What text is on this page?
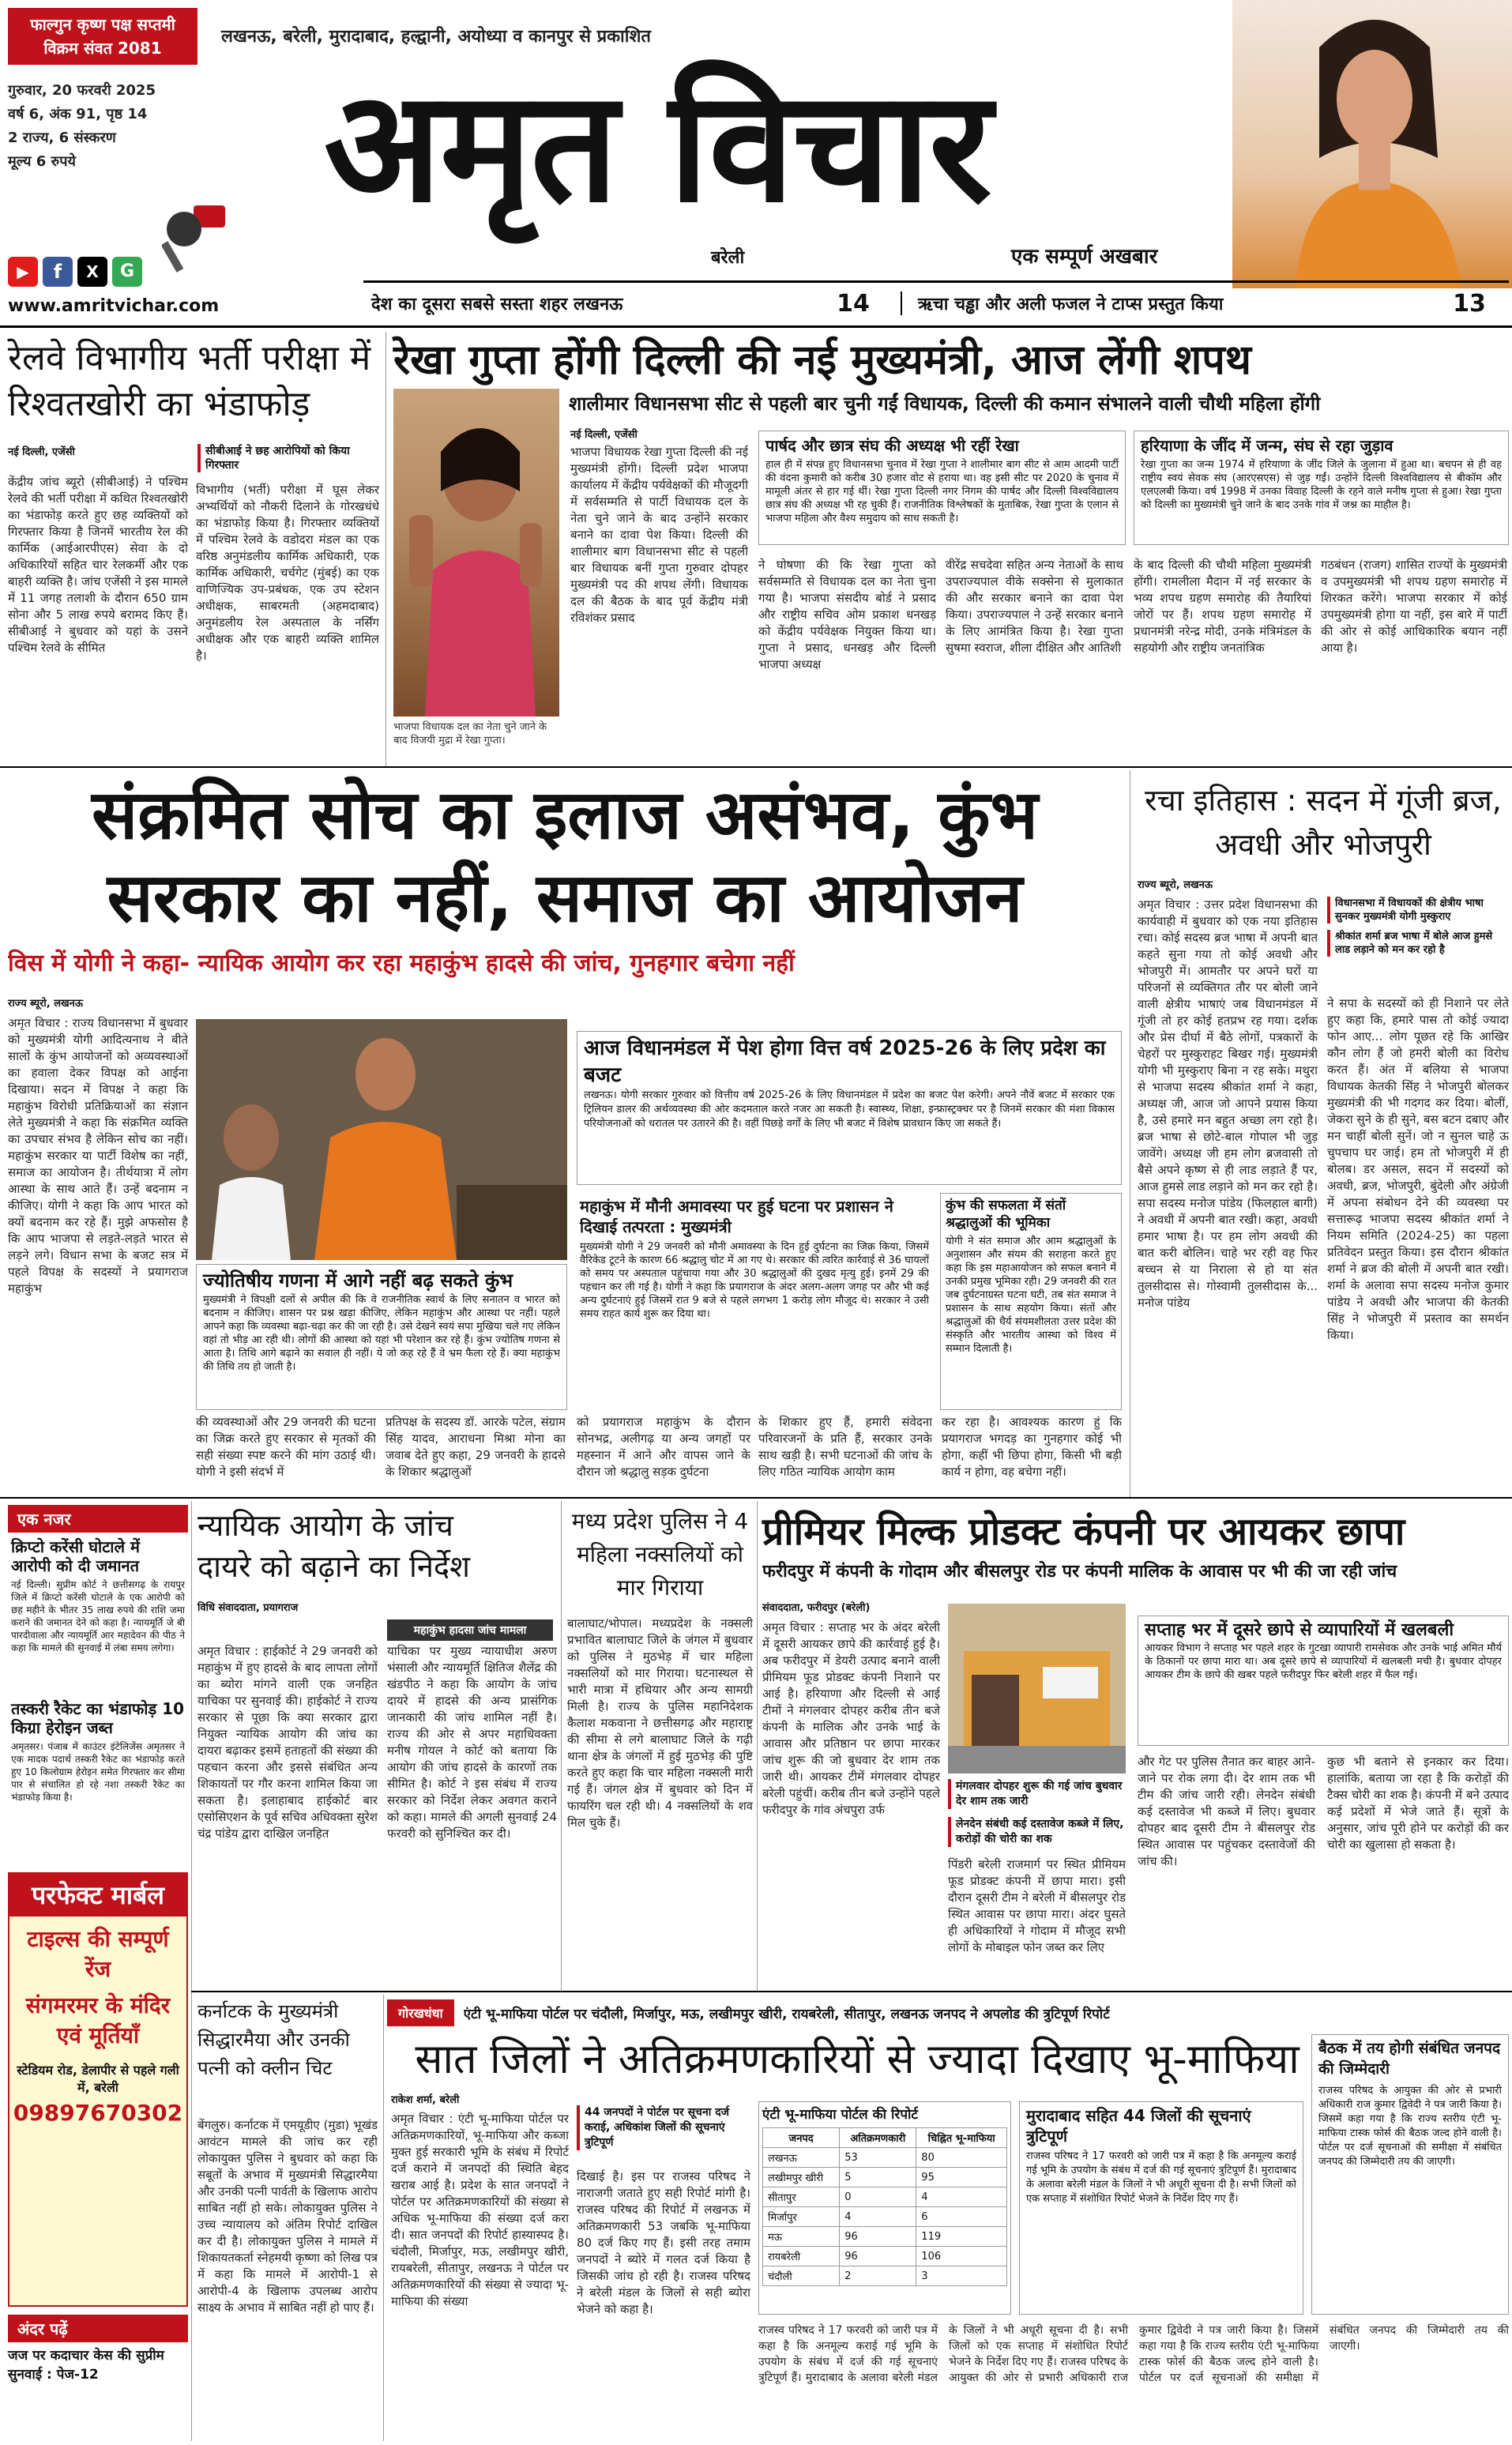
फाल्गुन कृष्ण पक्ष सप्तमी
विक्रम संवत 2081
लखनऊ, बरेली, मुरादाबाद, हल्द्वानी, अयोध्या व कानपुर से प्रकाशित
गुरुवार, 20 फरवरी 2025
वर्ष 6, अंक 91, पृष्ठ 14
2 राज्य, 6 संस्करण
मूल्य 6 रुपये
▶	f	X	G
www.amritvichar.com
अमृत विचार
बरेली	एक सम्पूर्ण अखबार
देश का दूसरा सबसे सस्ता शहर लखनऊ	14	ऋचा चड्ढा और अली फजल ने टाप्स प्रस्तुत किया	13
रेलवे विभागीय भर्ती परीक्षा में रिश्वतखोरी का भंडाफोड़
नई दिल्ली, एजेंसी	सीबीआई ने छह आरोपियों को किया गिरफ्तार
केंद्रीय जांच ब्यूरो (सीबीआई) ने पश्चिम रेलवे की भर्ती परीक्षा में कथित रिश्वतखोरी का भंडाफोड़ करते हुए छह व्यक्तियों को गिरफ्तार किया है जिनमें भारतीय रेल की कार्मिक (आईआरपीएस) सेवा के दो अधिकारियों सहित चार रेलकर्मी और एक बाहरी व्यक्ति है। जांच एजेंसी ने इस मामले में 11 जगह तलाशी के दौरान 650 ग्राम सोना और 5 लाख रुपये बरामद किए हैं। सीबीआई ने बुधवार को यहां के उसने पश्चिम रेलवे के सीमित
विभागीय (भर्ती) परीक्षा में घूस लेकर अभ्यर्थियों को नौकरी दिलाने के गोरखधंधे का भंडाफोड़ किया है। गिरफ्तार व्यक्तियों में पश्चिम रेलवे के वडोदरा मंडल का एक वरिष्ठ अनुमंडलीय कार्मिक अधिकारी, एक कार्मिक अधिकारी, चर्चगेट (मुंबई) का एक वाणिज्यिक उप-प्रबंधक, एक उप स्टेशन अधीक्षक, साबरमती (अहमदाबाद) अनुमंडलीय रेल अस्पताल के नर्सिंग अधीक्षक और एक बाहरी व्यक्ति शामिल है।
रेखा गुप्ता होंगी दिल्ली की नई मुख्यमंत्री, आज लेंगी शपथ
शालीमार विधानसभा सीट से पहली बार चुनी गईं विधायक, दिल्ली की कमान संभालने वाली चौथी महिला होंगी
भाजपा विधायक दल का नेता चुने जाने के बाद विजयी मुद्रा में रेखा गुप्ता।
नई दिल्ली, एजेंसी
भाजपा विधायक रेखा गुप्ता दिल्ली की नई मुख्यमंत्री होंगी। दिल्ली प्रदेश भाजपा कार्यालय में केंद्रीय पर्यवेक्षकों की मौजूदगी में सर्वसम्मति से पार्टी विधायक दल के नेता चुने जाने के बाद उन्होंने सरकार बनाने का दावा पेश किया। दिल्ली की शालीमार बाग विधानसभा सीट से पहली बार विधायक बनीं गुप्ता गुरुवार दोपहर मुख्यमंत्री पद की शपथ लेंगी। विधायक दल की बैठक के बाद पूर्व केंद्रीय मंत्री रविशंकर प्रसाद
पार्षद और छात्र संघ की अध्यक्ष भी रहीं रेखा
हाल ही में संपन्न हुए विधानसभा चुनाव में रेखा गुप्ता ने शालीमार बाग सीट से आम आदमी पार्टी की वंदना कुमारी को करीब 30 हजार वोट से हराया था। वह इसी सीट पर 2020 के चुनाव में मामूली अंतर से हार गई थीं। रेखा गुप्ता दिल्ली नगर निगम की पार्षद और दिल्ली विश्वविद्यालय छात्र संघ की अध्यक्ष भी रह चुकी हैं। राजनीतिक विश्लेषकों के मुताबिक, रेखा गुप्ता के एलान से भाजपा महिला और वैश्य समुदाय को साध सकती है।
हरियाणा के जींद में जन्म, संघ से रहा जुड़ाव
रेखा गुप्ता का जन्म 1974 में हरियाणा के जींद जिले के जुलाना में हुआ था। बचपन से ही वह राष्ट्रीय स्वयं सेवक संघ (आरएसएस) से जुड़ गईं। उन्होंने दिल्ली विश्वविद्यालय से बीकॉम और एलएलबी किया। वर्ष 1998 में उनका विवाह दिल्ली के रहने वाले मनीष गुप्ता से हुआ। रेखा गुप्ता को दिल्ली का मुख्यमंत्री चुने जाने के बाद उनके गांव में जश्न का माहौल है।
ने घोषणा की कि रेखा गुप्ता को सर्वसम्मति से विधायक दल का नेता चुना गया है। भाजपा संसदीय बोर्ड ने प्रसाद और राष्ट्रीय सचिव ओम प्रकाश धनखड़ को केंद्रीय पर्यवेक्षक नियुक्त किया था। गुप्ता ने प्रसाद, धनखड़ और दिल्ली भाजपा अध्यक्ष
वीरेंद्र सचदेवा सहित अन्य नेताओं के साथ उपराज्यपाल वीके सक्सेना से मुलाकात की और सरकार बनाने का दावा पेश किया। उपराज्यपाल ने उन्हें सरकार बनाने के लिए आमंत्रित किया है। रेखा गुप्ता सुषमा स्वराज, शीला दीक्षित और आतिशी
के बाद दिल्ली की चौथी महिला मुख्यमंत्री होंगी। रामलीला मैदान में नई सरकार के भव्य शपथ ग्रहण समारोह की तैयारियां जोरों पर हैं। शपथ ग्रहण समारोह में प्रधानमंत्री नरेन्द्र मोदी, उनके मंत्रिमंडल के सहयोगी और राष्ट्रीय जनतांत्रिक
गठबंधन (राजग) शासित राज्यों के मुख्यमंत्री व उपमुख्यमंत्री भी शपथ ग्रहण समारोह में शिरकत करेंगे। भाजपा सरकार में कोई उपमुख्यमंत्री होगा या नहीं, इस बारे में पार्टी की ओर से कोई आधिकारिक बयान नहीं आया है।
संक्रमित सोच का इलाज असंभव, कुंभ सरकार का नहीं, समाज का आयोजन
विस में योगी ने कहा- न्यायिक आयोग कर रहा महाकुंभ हादसे की जांच, गुनहगार बचेगा नहीं
राज्य ब्यूरो, लखनऊ
अमृत विचार : राज्य विधानसभा में बुधवार को मुख्यमंत्री योगी आदित्यनाथ ने बीते सालों के कुंभ आयोजनों को अव्यवस्थाओं का हवाला देकर विपक्ष को आईना दिखाया। सदन में विपक्ष ने कहा कि महाकुंभ विरोधी प्रतिक्रियाओं का संज्ञान लेते मुख्यमंत्री ने कहा कि संक्रमित व्यक्ति का उपचार संभव है लेकिन सोच का नहीं। महाकुंभ सरकार या पार्टी विशेष का नहीं, समाज का आयोजन है। तीर्थयात्रा में लोग आस्था के साथ आते हैं। उन्हें बदनाम न कीजिए। योगी ने कहा कि आप भारत को क्यों बदनाम कर रहे हैं। मुझे अफसोस है कि आप भाजपा से लड़ते-लड़ते भारत से लड़ने लगे। विधान सभा के बजट सत्र में पहले विपक्ष के सदस्यों ने प्रयागराज महाकुंभ	ज्योतिषीय गणना में आगे नहीं बढ़ सकते कुंभ
मुख्यमंत्री ने विपक्षी दलों से अपील की कि वे राजनीतिक स्वार्थ के लिए सनातन व भारत को बदनाम न कीजिए। शासन पर प्रश्न खड़ा कीजिए, लेकिन महाकुंभ और आस्था पर नहीं। पहले आपने कहा कि व्यवस्था बढ़ा-चढ़ा कर की जा रही है। उसे देखने स्वयं सपा मुखिया चले गए लेकिन वहां तो भीड़ आ रही थी। लोगों की आस्था को यहां भी परेशान कर रहे हैं। कुंभ ज्योतिष गणना से आता है। तिथि आगे बढ़ाने का सवाल ही नहीं। ये जो कह रहे हैं वे भ्रम फैला रहे हैं। क्या महाकुंभ की तिथि तय हो जाती है।
आज विधानमंडल में पेश होगा वित्त वर्ष 2025-26 के लिए प्रदेश का बजट
लखनऊ। योगी सरकार गुरुवार को वित्तीय वर्ष 2025-26 के लिए विधानमंडल में प्रदेश का बजट पेश करेगी। अपने नौवें बजट में सरकार एक ट्रिलियन डालर की अर्थव्यवस्था की ओर कदमताल करते नजर आ सकती है। स्वास्थ्य, शिक्षा, इन्फ्रास्ट्रक्चर पर है जिनमें सरकार की मंशा विकास परियोजनाओं को धरातल पर उतारने की है। वहीं पिछड़े वर्गों के लिए भी बजट में विशेष प्रावधान किए जा सकते हैं।
महाकुंभ में मौनी अमावस्या पर हुई घटना पर प्रशासन ने दिखाई तत्परता : मुख्यमंत्री
मुख्यमंत्री योगी ने 29 जनवरी को मौनी अमावस्या के दिन हुई दुर्घटना का जिक्र किया, जिसमें वैरिकेड टूटने के कारण 66 श्रद्धालु चोट में आ गए थे। सरकार की त्वरित कार्रवाई से 36 घायलों को समय पर अस्पताल पहुंचाया गया और 30 श्रद्धालुओं की दुखद मृत्यु हुई। इनमें 29 की पहचान कर ली गई है। योगी ने कहा कि प्रयागराज के अंदर अलग-अलग जगह पर और भी कई अन्य दुर्घटनाएं हुई जिसमें रात 9 बजे से पहले लगभग 1 करोड़ लोग मौजूद थे। सरकार ने उसी समय राहत कार्य शुरू कर दिया था।
कुंभ की सफलता में संतों श्रद्धालुओं की भूमिका
योगी ने संत समाज और आम श्रद्धालुओं के अनुशासन और संयम की सराहना करते हुए कहा कि इस महाआयोजन को सफल बनाने में उनकी प्रमुख भूमिका रही। 29 जनवरी की रात जब दुर्घटनाग्रस्त घटना घटी, तब संत समाज ने प्रशासन के साथ सहयोग किया। संतों और श्रद्धालुओं की धैर्य संयमशीलता उत्तर प्रदेश की संस्कृति और भारतीय आस्था को विश्व में सम्मान दिलाती है।
की व्यवस्थाओं और 29 जनवरी की घटना का जिक्र करते हुए सरकार से मृतकों की सही संख्या स्पष्ट करने की मांग उठाई थी। योगी ने इसी संदर्भ में
प्रतिपक्ष के सदस्य डॉ. आरके पटेल, संग्राम सिंह यादव, आराधना मिश्रा मोना का जवाब देते हुए कहा, 29 जनवरी के हादसे के शिकार श्रद्धालुओं
को प्रयागराज महाकुंभ के दौरान सोनभद्र, अलीगढ़ या अन्य जगहों पर महस्नान में आने और वापस जाने के दौरान जो श्रद्धालु सड़क दुर्घटना
के शिकार हुए हैं, हमारी संवेदना परिवारजनों के प्रति हैं, सरकार उनके साथ खड़ी है। सभी घटनाओं की जांच के लिए गठित न्यायिक आयोग काम
कर रहा है। आवश्यक कारण हुं कि प्रयागराज भगदड़ का गुनहगार कोई भी होगा, कहीं भी छिपा होगा, किसी भी बड़ी कार्य न होगा, वह बचेगा नहीं।
रचा इतिहास : सदन में गूंजी ब्रज, अवधी और भोजपुरी
राज्य ब्यूरो, लखनऊ
विधानसभा में विधायकों की क्षेत्रीय भाषा सुनकर मुख्यमंत्री योगी मुस्कुराए
श्रीकांत शर्मा ब्रज भाषा में बोले आज हुमसे लाड लड़ाने को मन कर रहो है
अमृत विचार : उत्तर प्रदेश विधानसभा की कार्यवाही में बुधवार को एक नया इतिहास रचा। कोई सदस्य ब्रज भाषा में अपनी बात कहते सुना गया तो कोई अवधी और भोजपुरी में। आमतौर पर अपने घरों या परिजनों से व्यक्तिगत तौर पर बोली जाने वाली क्षेत्रीय भाषाएं जब विधानमंडल में गूंजी तो हर कोई हतप्रभ रह गया। दर्शक और प्रेस दीर्घा में बैठे लोगों, पत्रकारों के चेहरों पर मुस्कुराहट बिखर गई। मुख्यमंत्री योगी भी मुस्कुराए बिना न रह सके। मथुरा से भाजपा सदस्य श्रीकांत शर्मा ने कहा, अध्यक्ष जी, आज जो आपने प्रयास किया है, उसे हमारे मन बहुत अच्छा लग रहो है। ब्रज भाषा से छोटे-बाल गोपाल भी जुड़ जावेंगे। अध्यक्ष जी हम लोग ब्रजवासी तो बैसे अपने कृष्ण से ही लाड लड़ाते हैं पर, आज हुमसे लाड लड़ाने को मन कर रहो है। सपा सदस्य मनोज पांडेय (फिलहाल बागी) ने अवधी में अपनी बात रखी। कहा, अवधी हमार भाषा है। पर हम लोग अवधी की बात करी बोलिन। चाहे भर रही वह फिर बच्चन से या निराला से हो या संत तुलसीदास से। गोस्वामी तुलसीदास के... मनोज पांडेय
ने सपा के सदस्यों को ही निशाने पर लेते हुए कहा कि, हमारे पास तो कोई ज्यादा फोन आए... लोग पूछत रहे कि आखिर कौन लोग हैं जो हमरी बोली का विरोध करत हैं। अंत में बलिया से भाजपा विधायक केतकी सिंह ने भोजपुरी बोलकर मुख्यमंत्री की भी गदगद कर दिया। बोलीं, जेकरा सुने के ही सुने, बस बटन दबाए और मन चाहीं बोली सुनें। जो न सुनल चाहे ऊ चुपचाप घर जाई। हम तो भोजपुरी में ही बोलब। डर असल, सदन में सदस्यों को अवधी, ब्रज, भोजपुरी, बुंदेली और अंग्रेजी में अपना संबोधन देने की व्यवस्था पर सत्तारूढ़ भाजपा सदस्य श्रीकांत शर्मा ने नियम समिति (2024-25) का पहला प्रतिवेदन प्रस्तुत किया। इस दौरान श्रीकांत शर्मा ने ब्रज की बोली में अपनी बात रखी। शर्मा के अलावा सपा सदस्य मनोज कुमार पांडेय ने अवधी और भाजपा की केतकी सिंह ने भोजपुरी में प्रस्ताव का समर्थन किया।
एक नजर
क्रिप्टो करेंसी घोटाले में आरोपी को दी जमानत
नई दिल्ली। सुप्रीम कोर्ट ने छत्तीसगढ़ के रायपुर जिले में क्रिप्टो करेंसी घोटाले के एक आरोपी को छह महीने के भीतर 35 लाख रुपये की राशि जमा कराने की जमानत देने को कहा है। न्यायमूर्ति जे बी पारदीवाला और न्यायमूर्ति आर महादेवन की पीठ ने कहा कि मामले की सुनवाई में लंबा समय लगेगा।
तस्करी रैकेट का भंडाफोड़ 10 किग्रा हेरोइन जब्त
अमृतसर। पंजाब में काउंटर इंटेलिजेंस अमृतसर ने एक मादक पदार्थ तस्करी रैकेट का भंडाफोड़ करते हुए 10 किलोग्राम हेरोइन समेत गिरफ्तार कर सीमा पार से संचालित हो रहे नशा तस्करी रैकेट का भंडाफोड़ किया है।
परफेक्ट मार्बल
टाइल्स की सम्पूर्ण रेंज
संगमरमर के मंदिर एवं मूर्तियाँ
स्टेडियम रोड, डेलापीर से पहले गली में, बरेली
09897670302
अंदर पढ़ें
जज पर कदाचार केस की सुप्रीम सुनवाई : पेज-12
न्यायिक आयोग के जांच दायरे को बढ़ाने का निर्देश
विधि संवाददाता, प्रयागराज
महाकुंभ हादसा जांच मामला
अमृत विचार : हाईकोर्ट ने 29 जनवरी को महाकुंभ में हुए हादसे के बाद लापता लोगों का ब्योरा मांगने वाली एक जनहित याचिका पर सुनवाई की। हाईकोर्ट ने राज्य सरकार से पूछा कि क्या सरकार द्वारा नियुक्त न्यायिक आयोग की जांच का दायरा बढ़ाकर इसमें हताहतों की संख्या की पहचान करना और इससे संबंधित अन्य शिकायतों पर गौर करना शामिल किया जा सकता है। इलाहाबाद हाईकोर्ट बार एसोसिएशन के पूर्व सचिव अधिवक्ता सुरेश चंद्र पांडेय द्वारा दाखिल जनहित
याचिका पर मुख्य न्यायाधीश अरुण भंसाली और न्यायमूर्ति क्षितिज शैलेंद्र की खंडपीठ ने कहा कि आयोग के जांच दायरे में हादसे की अन्य प्रासंगिक जानकारी की जांच शामिल नहीं है। राज्य की ओर से अपर महाधिवक्ता मनीष गोयल ने कोर्ट को बताया कि आयोग की जांच हादसे के कारणों तक सीमित है। कोर्ट ने इस संबंध में राज्य सरकार को निर्देश लेकर अवगत कराने को कहा। मामले की अगली सुनवाई 24 फरवरी को सुनिश्चित कर दी।
मध्य प्रदेश पुलिस ने 4 महिला नक्सलियों को मार गिराया
बालाघाट/भोपाल। मध्यप्रदेश के नक्सली प्रभावित बालाघाट जिले के जंगल में बुधवार को पुलिस ने मुठभेड़ में चार महिला नक्सलियों को मार गिराया। घटनास्थल से भारी मात्रा में हथियार और अन्य सामग्री मिली है। राज्य के पुलिस महानिदेशक कैलाश मकवाना ने छत्तीसगढ़ और महाराष्ट्र की सीमा से लगे बालाघाट जिले के गढ़ी थाना क्षेत्र के जंगलों में हुई मुठभेड़ की पुष्टि करते हुए कहा कि चार महिला नक्सली मारी गई हैं। जंगल क्षेत्र में बुधवार को दिन में फायरिंग चल रही थी। 4 नक्सलियों के शव मिल चुके हैं।
प्रीमियर मिल्क प्रोडक्ट कंपनी पर आयकर छापा
फरीदपुर में कंपनी के गोदाम और बीसलपुर रोड पर कंपनी मालिक के आवास पर भी की जा रही जांच
संवाददाता, फरीदपुर (बरेली)
अमृत विचार : सप्ताह भर के अंदर बरेली में दूसरी आयकर छापे की कार्रवाई हुई है। अब फरीदपुर में डेयरी उत्पाद बनाने वाली प्रीमियम फूड प्रोडक्ट कंपनी निशाने पर आई है। हरियाणा और दिल्ली से आई टीमों ने मंगलवार दोपहर करीब तीन बजे कंपनी के मालिक और उनके भाई के आवास और प्रतिष्ठान पर छापा मारकर जांच शुरू की जो बुधवार देर शाम तक जारी थी। आयकर टीमें मंगलवार दोपहर बरेली पहुंचीं। करीब तीन बजे उन्होंने पहले फरीदपुर के गांव अंचपुरा उर्फ
मंगलवार दोपहर शुरू की गई जांच बुधवार देर शाम तक जारी
लेनदेन संबंधी कई दस्तावेज कब्जे में लिए, करोड़ों की चोरी का शक
पिंडरी बरेली राजमार्ग पर स्थित प्रीमियम फूड प्रोडक्ट कंपनी में छापा मारा। इसी दौरान दूसरी टीम ने बरेली में बीसलपुर रोड स्थित आवास पर छापा मारा। अंदर घुसते ही अधिकारियों ने गोदाम में मौजूद सभी लोगों के मोबाइल फोन जब्त कर लिए
सप्ताह भर में दूसरे छापे से व्यापारियों में खलबली
आयकर विभाग ने सप्ताह भर पहले शहर के गुटखा व्यापारी रामसेवक और उनके भाई अमित मौर्य के ठिकानों पर छापा मारा था। अब दूसरे छापे से व्यापारियों में खलबली मची है। बुधवार दोपहर आयकर टीम के छापे की खबर पहले फरीदपुर फिर बरेली शहर में फैल गई।
और गेट पर पुलिस तैनात कर बाहर आने-जाने पर रोक लगा दी। देर शाम तक भी टीम की जांच जारी रही। लेनदेन संबंधी कई दस्तावेज भी कब्जे में लिए। बुधवार दोपहर बाद दूसरी टीम ने बीसलपुर रोड स्थित आवास पर पहुंचकर दस्तावेजों की जांच की।
कुछ भी बताने से इनकार कर दिया। हालांकि, बताया जा रहा है कि करोड़ों की टैक्स चोरी का शक है। कंपनी में बने उत्पाद कई प्रदेशों में भेजे जाते हैं। सूत्रों के अनुसार, जांच पूरी होने पर करोड़ों की कर चोरी का खुलासा हो सकता है।
कर्नाटक के मुख्यमंत्री सिद्धारमैया और उनकी पत्नी को क्लीन चिट
बेंगलुरु। कर्नाटक में एमयूडीए (मुडा) भूखंड आवंटन मामले की जांच कर रही लोकायुक्त पुलिस ने बुधवार को कहा कि सबूतों के अभाव में मुख्यमंत्री सिद्धारमैया और उनकी पत्नी पार्वती के खिलाफ आरोप साबित नहीं हो सके। लोकायुक्त पुलिस ने उच्च न्यायालय को अंतिम रिपोर्ट दाखिल कर दी है। लोकायुक्त पुलिस ने मामले में शिकायतकर्ता स्नेहमयी कृष्णा को लिख पत्र में कहा कि मामले में आरोपी-1 से आरोपी-4 के खिलाफ उपलब्ध आरोप साक्ष्य के अभाव में साबित नहीं हो पाए हैं।
गोरखधंधा	एंटी भू-माफिया पोर्टल पर चंदौली, मिर्जापुर, मऊ, लखीमपुर खीरी, रायबरेली, सीतापुर, लखनऊ जनपद ने अपलोड की त्रुटिपूर्ण रिपोर्ट
सात जिलों ने अतिक्रमणकारियों से ज्यादा दिखाए भू-माफिया
राकेश शर्मा, बरेली
अमृत विचार : एंटी भू-माफिया पोर्टल पर अतिक्रमणकारियों, भू-माफिया और कब्जा मुक्त हुई सरकारी भूमि के संबंध में रिपोर्ट दर्ज कराने में जनपदों की स्थिति बेहद खराब आई है। प्रदेश के सात जनपदों ने पोर्टल पर अतिक्रमणकारियों की संख्या से अधिक भू-माफिया की संख्या दर्ज करा दी। सात जनपदों की रिपोर्ट हास्यास्पद है। चंदौली, मिर्जापुर, मऊ, लखीमपुर खीरी, रायबरेली, सीतापुर, लखनऊ ने पोर्टल पर अतिक्रमणकारियों की संख्या से ज्यादा भू-माफिया की संख्या
44 जनपदों ने पोर्टल पर सूचना दर्ज कराई, अधिकांश जिलों की सूचनाएं त्रुटिपूर्ण
दिखाई है। इस पर राजस्व परिषद ने नाराजगी जताते हुए सही रिपोर्ट मांगी है। राजस्व परिषद की रिपोर्ट में लखनऊ में अतिक्रमणकारी 53 जबकि भू-माफिया 80 दर्ज किए गए हैं। इसी तरह तमाम जनपदों ने ब्योरे में गलत दर्ज किया है जिसकी जांच हो रही है। राजस्व परिषद ने बरेली मंडल के जिलों से सही ब्योरा भेजने को कहा है।
एंटी भू-माफिया पोर्टल की रिपोर्ट
जनपद	अतिक्रमणकारी	चिह्नित भू-माफिया
लखनऊ	53	80
लखीमपुर खीरी	5	95
सीतापुर	0	4
मिर्जापुर	4	6
मऊ	96	119
रायबरेली	96	106
चंदौली	2	3
मुरादाबाद सहित 44 जिलों की सूचनाएं त्रुटिपूर्ण
राजस्व परिषद ने 17 फरवरी को जारी पत्र में कहा है कि अनमूल्य कराई गई भूमि के उपयोग के संबंध में दर्ज की गई सूचनाएं त्रुटिपूर्ण हैं। मुरादाबाद के अलावा बरेली मंडल के जिलों ने भी अधूरी सूचना दी है। सभी जिलों को एक सप्ताह में संशोधित रिपोर्ट भेजने के निर्देश दिए गए हैं।
बैठक में तय होगी संबंधित जनपद की जिम्मेदारी
राजस्व परिषद के आयुक्त की ओर से प्रभारी अधिकारी राज कुमार द्विवेदी ने पत्र जारी किया है। जिसमें कहा गया है कि राज्य स्तरीय एंटी भू-माफिया टास्क फोर्स की बैठक जल्द होने वाली है। पोर्टल पर दर्ज सूचनाओं की समीक्षा में संबंधित जनपद की जिम्मेदारी तय की जाएगी।
राजस्व परिषद ने 17 फरवरी को जारी पत्र में कहा है कि अनमूल्य कराई गई भूमि के उपयोग के संबंध में दर्ज की गई सूचनाएं त्रुटिपूर्ण हैं। मुरादाबाद के अलावा बरेली मंडल के जिलों ने भी अधूरी सूचना दी है। सभी जिलों को एक सप्ताह में संशोधित रिपोर्ट भेजने के निर्देश दिए गए हैं। राजस्व परिषद के आयुक्त की ओर से प्रभारी अधिकारी राज कुमार द्विवेदी ने पत्र जारी किया है। जिसमें कहा गया है कि राज्य स्तरीय एंटी भू-माफिया टास्क फोर्स की बैठक जल्द होने वाली है। पोर्टल पर दर्ज सूचनाओं की समीक्षा में संबंधित जनपद की जिम्मेदारी तय की जाएगी।
